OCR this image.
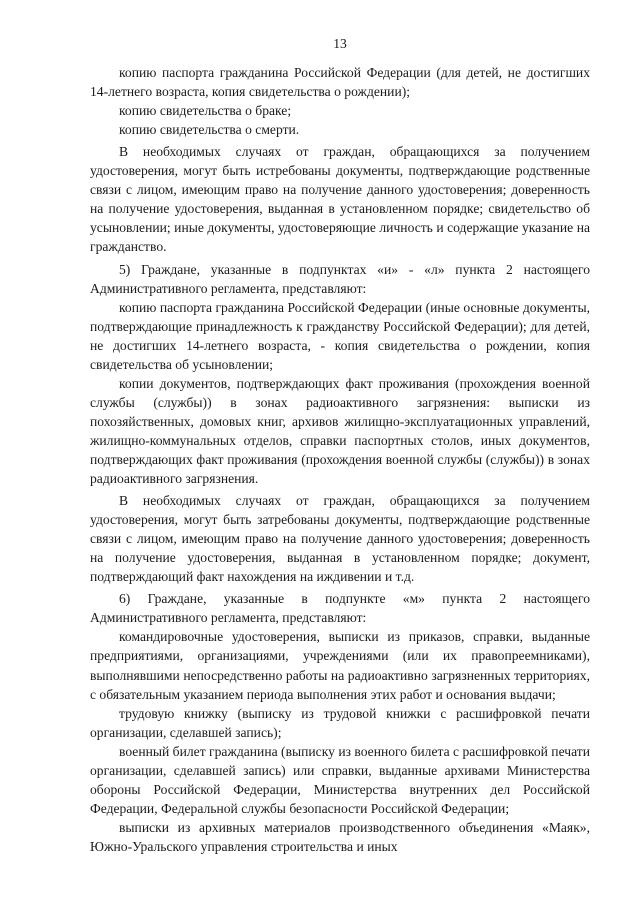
13

копию паспорта гражданина Российской Федерации (для детей, не достигших 14-летнего возраста, копия свидетельства о рождении);

копию свидетельства о браке;

копию свидетельства о смерти.

В необходимых случаях от граждан, обращающихся за получением удостоверения, могут быть истребованы документы, подтверждающие родственные связи с лицом, имеющим право на получение данного удостоверения; доверенность на получение удостоверения, выданная в установленном порядке; свидетельство об усыновлении; иные документы, удостоверяющие личность и содержащие указание на гражданство.

5) Граждане, указанные в подпунктах «и» - «л» пункта 2 настоящего Административного регламента, представляют:

копию паспорта гражданина Российской Федерации (иные основные документы, подтверждающие принадлежность к гражданству Российской Федерации); для детей, не достигших 14-летнего возраста, - копия свидетельства о рождении, копия свидетельства об усыновлении;

копии документов, подтверждающих факт проживания (прохождения военной службы (службы)) в зонах радиоактивного загрязнения: выписки из похозяйственных, домовых книг, архивов жилищно-эксплуатационных управлений, жилищно-коммунальных отделов, справки паспортных столов, иных документов, подтверждающих факт проживания (прохождения военной службы (службы)) в зонах радиоактивного загрязнения.

В необходимых случаях от граждан, обращающихся за получением удостоверения, могут быть затребованы документы, подтверждающие родственные связи с лицом, имеющим право на получение данного удостоверения; доверенность на получение удостоверения, выданная в установленном порядке; документ, подтверждающий факт нахождения на иждивении и т.д.

6) Граждане, указанные в подпункте «м» пункта 2 настоящего Административного регламента, представляют:

командировочные удостоверения, выписки из приказов, справки, выданные предприятиями, организациями, учреждениями (или их правопреемниками), выполнявшими непосредственно работы на радиоактивно загрязненных территориях, с обязательным указанием периода выполнения этих работ и основания выдачи;

трудовую книжку (выписку из трудовой книжки с расшифровкой печати организации, сделавшей запись);

военный билет гражданина (выписку из военного билета с расшифровкой печати организации, сделавшей запись) или справки, выданные архивами Министерства обороны Российской Федерации, Министерства внутренних дел Российской Федерации, Федеральной службы безопасности Российской Федерации;

выписки из архивных материалов производственного объединения «Маяк», Южно-Уральского управления строительства и иных
